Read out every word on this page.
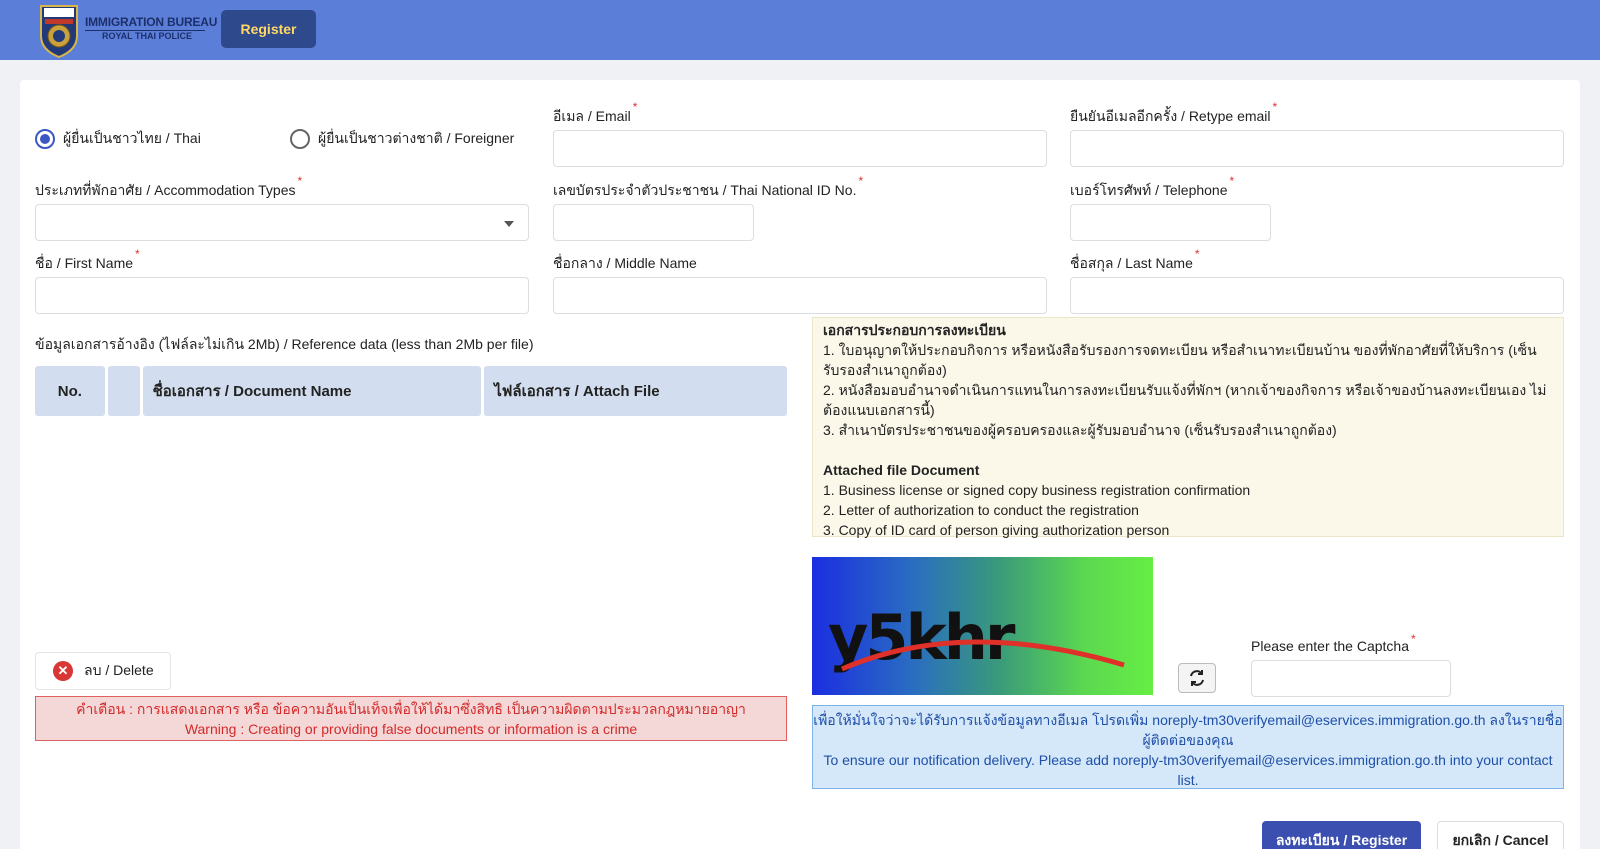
IMMIGRATION BUREAU
ROYAL THAI POLICE	Register
ผู้ยื่นเป็นชาวไทย / Thai	ผู้ยื่นเป็นชาวต่างชาติ / Foreigner
อีเมล / Email*
ยืนยันอีเมลอีกครั้ง / Retype email*
ประเภทที่พักอาศัย / Accommodation Types*
เลขบัตรประจำตัวประชาชน / Thai National ID No.*
เบอร์โทรศัพท์ / Telephone*
ชื่อ / First Name*
ชื่อกลาง / Middle Name	ชื่อสกุล / Last Name*
ข้อมูลเอกสารอ้างอิง (ไฟล์ละไม่เกิน 2Mb) / Reference data (less than 2Mb per file)
No.	ชื่อเอกสาร / Document Name	ไฟล์เอกสาร / Attach File
✕	ลบ / Delete
คำเตือน : การแสดงเอกสาร หรือ ข้อความอันเป็นเท็จเพื่อให้ได้มาซึ่งสิทธิ เป็นความผิดตามประมวลกฎหมายอาญา
Warning : Creating or providing false documents or information is a crime
เอกสารประกอบการลงทะเบียน
1. ใบอนุญาตให้ประกอบกิจการ หรือหนังสือรับรองการจดทะเบียน หรือสำเนาทะเบียนบ้าน ของที่พักอาศัยที่ให้บริการ (เซ็นรับรองสำเนาถูกต้อง)
2. หนังสือมอบอำนาจดำเนินการแทนในการลงทะเบียนรับแจ้งที่พักฯ (หากเจ้าของกิจการ หรือเจ้าของบ้านลงทะเบียนเอง ไม่ต้องแนบเอกสารนี้)
3. สำเนาบัตรประชาชนของผู้ครอบครองและผู้รับมอบอำนาจ (เซ็นรับรองสำเนาถูกต้อง)
Attached file Document
1. Business license or signed copy business registration confirmation
2. Letter of authorization to conduct the registration
3. Copy of ID card of person giving authorization person
y5khr	Please enter the Captcha *
เพื่อให้มั่นใจว่าจะได้รับการแจ้งข้อมูลทางอีเมล โปรดเพิ่ม noreply-tm30verifyemail@eservices.immigration.go.th ลงในรายชื่อผู้ติดต่อของคุณ
To ensure our notification delivery. Please add noreply-tm30verifyemail@eservices.immigration.go.th into your contact list.
ลงทะเบียน / Register	ยกเลิก / Cancel
